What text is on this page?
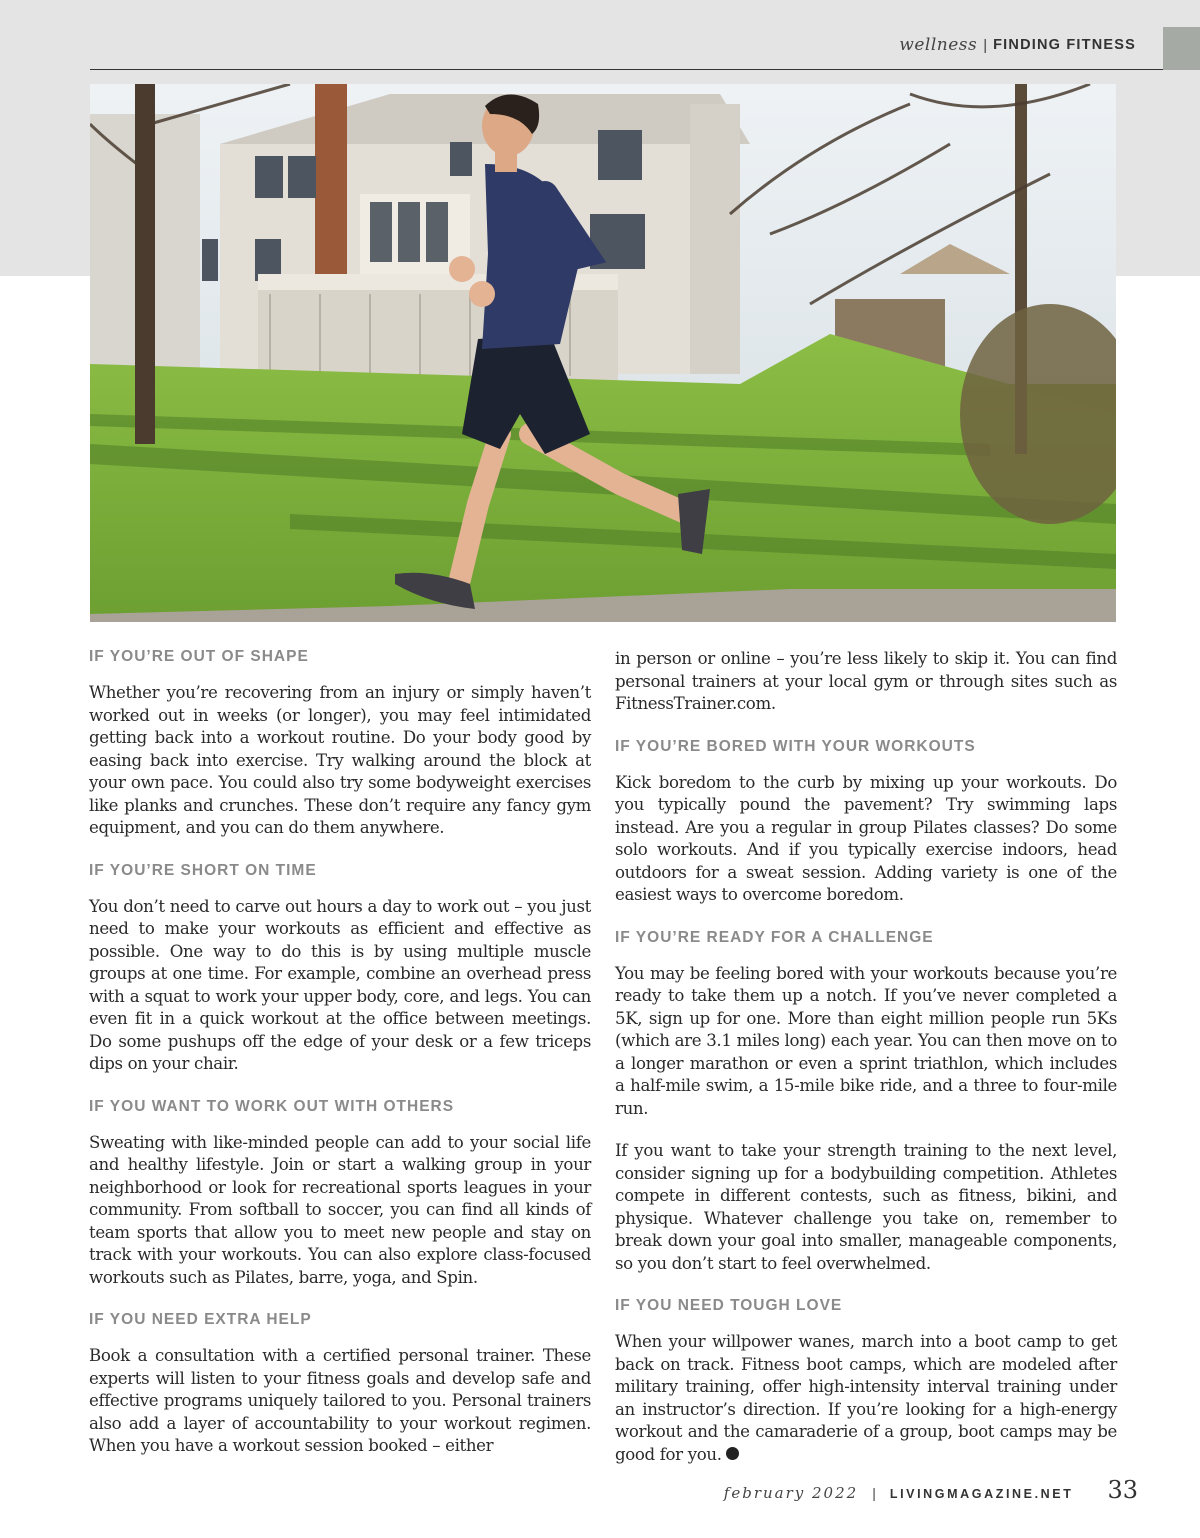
wellness | FINDING FITNESS
IF YOU’RE OUT OF SHAPE

Whether you’re recovering from an injury or simply haven’t worked out in weeks (or longer), you may feel intimidated getting back into a workout routine. Do your body good by easing back into exercise. Try walking around the block at your own pace. You could also try some bodyweight exercises like planks and crunches. These don’t require any fancy gym equipment, and you can do them anywhere.

IF YOU’RE SHORT ON TIME

You don’t need to carve out hours a day to work out – you just need to make your workouts as efficient and effective as possible. One way to do this is by using multiple muscle groups at one time. For example, combine an overhead press with a squat to work your upper body, core, and legs. You can even fit in a quick workout at the office between meetings. Do some pushups off the edge of your desk or a few triceps dips on your chair.

IF YOU WANT TO WORK OUT WITH OTHERS

Sweating with like-minded people can add to your social life and healthy lifestyle. Join or start a walking group in your neighborhood or look for recreational sports leagues in your community. From softball to soccer, you can find all kinds of team sports that allow you to meet new people and stay on track with your workouts. You can also explore class-focused workouts such as Pilates, barre, yoga, and Spin.

IF YOU NEED EXTRA HELP

Book a consultation with a certified personal trainer. These experts will listen to your fitness goals and develop safe and effective programs uniquely tailored to you. Personal trainers also add a layer of accountability to your workout regimen. When you have a workout session booked – either

in person or online – you’re less likely to skip it. You can find personal trainers at your local gym or through sites such as FitnessTrainer.com.

IF YOU’RE BORED WITH YOUR WORKOUTS

Kick boredom to the curb by mixing up your workouts. Do you typically pound the pavement? Try swimming laps instead. Are you a regular in group Pilates classes? Do some solo workouts. And if you typically exercise indoors, head outdoors for a sweat session. Adding variety is one of the easiest ways to overcome boredom.

IF YOU’RE READY FOR A CHALLENGE

You may be feeling bored with your workouts because you’re ready to take them up a notch. If you’ve never completed a 5K, sign up for one. More than eight million people run 5Ks (which are 3.1 miles long) each year. You can then move on to a longer marathon or even a sprint triathlon, which includes a half-mile swim, a 15-mile bike ride, and a three to four-mile run.

If you want to take your strength training to the next level, consider signing up for a bodybuilding competition. Athletes compete in different contests, such as fitness, bikini, and physique. Whatever challenge you take on, remember to break down your goal into smaller, manageable components, so you don’t start to feel overwhelmed.

IF YOU NEED TOUGH LOVE

When your willpower wanes, march into a boot camp to get back on track. Fitness boot camps, which are modeled after military training, offer high-intensity interval training under an instructor’s direction. If you’re looking for a high-energy workout and the camaraderie of a group, boot camps may be good for you.

february 2022 | LIVINGMAGAZINE.NET 33
